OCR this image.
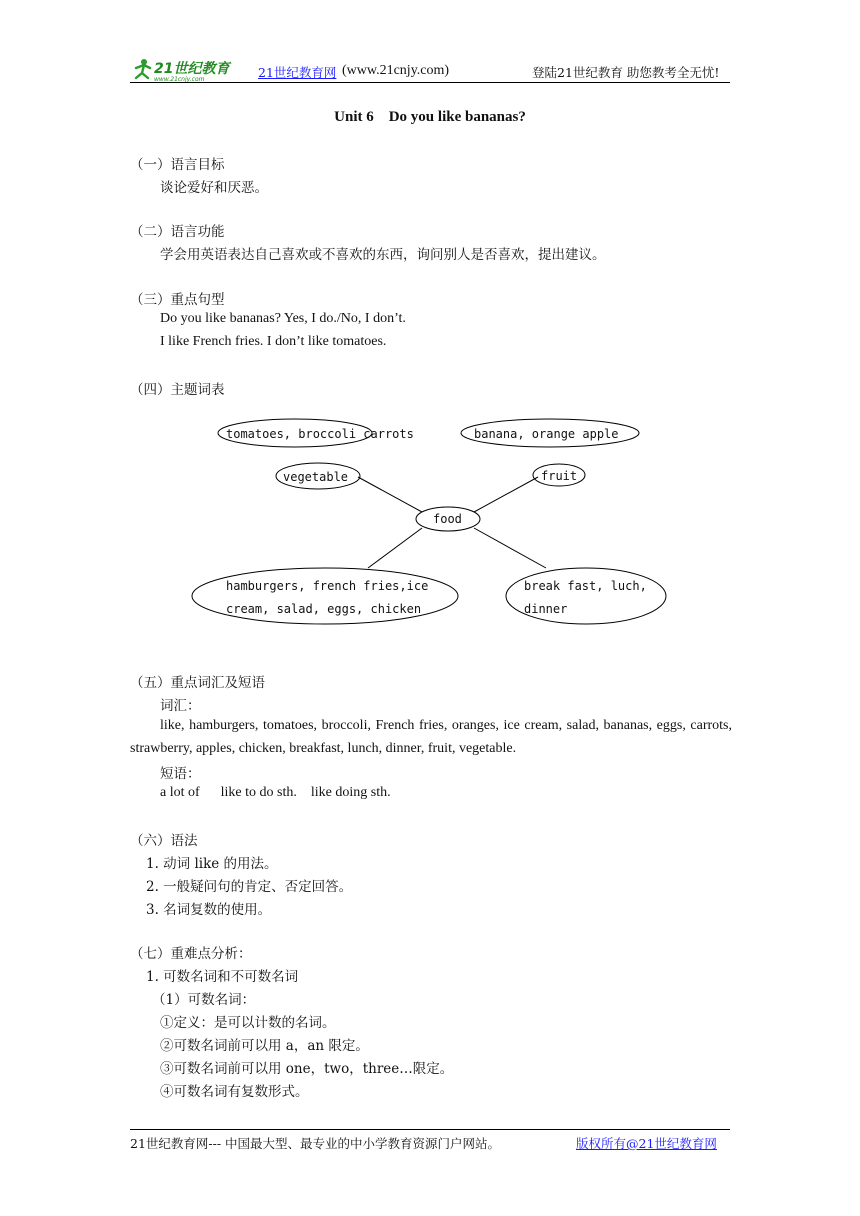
21世纪教育
www.21cnjy.com	21世纪教育网 (www.21cnjy.com)	登陆21世纪教育 助您教考全无忧!
Unit 6    Do you like bananas?
（一）语言目标
谈论爱好和厌恶。
（二）语言功能
学会用英语表达自己喜欢或不喜欢的东西，询问别人是否喜欢，提出建议。
（三）重点句型
Do you like bananas? Yes, I do./No, I don’t.
I like French fries. I don’t like tomatoes.
（四）主题词表
tomatoes, broccoli carrots	banana, orange apple
vegetable	fruit
food
hamburgers, french fries,ice
cream, salad, eggs, chicken
break fast, luch,
dinner
（五）重点词汇及短语
词汇：
like, hamburgers, tomatoes, broccoli, French fries, oranges, ice cream, salad, bananas, eggs, carrots, strawberry, apples, chicken, breakfast, lunch, dinner, fruit, vegetable.
短语：
a lot of      like to do sth.    like doing sth.
（六）语法
1. 动词 like 的用法。
2. 一般疑问句的肯定、否定回答。
3. 名词复数的使用。
（七）重难点分析：
1. 可数名词和不可数名词
（1）可数名词：
①定义：是可以计数的名词。
②可数名词前可以用 a，an 限定。
③可数名词前可以用 one，two，three…限定。
④可数名词有复数形式。
21世纪教育网--- 中国最大型、最专业的中小学教育资源门户网站。	版权所有@21世纪教育网
